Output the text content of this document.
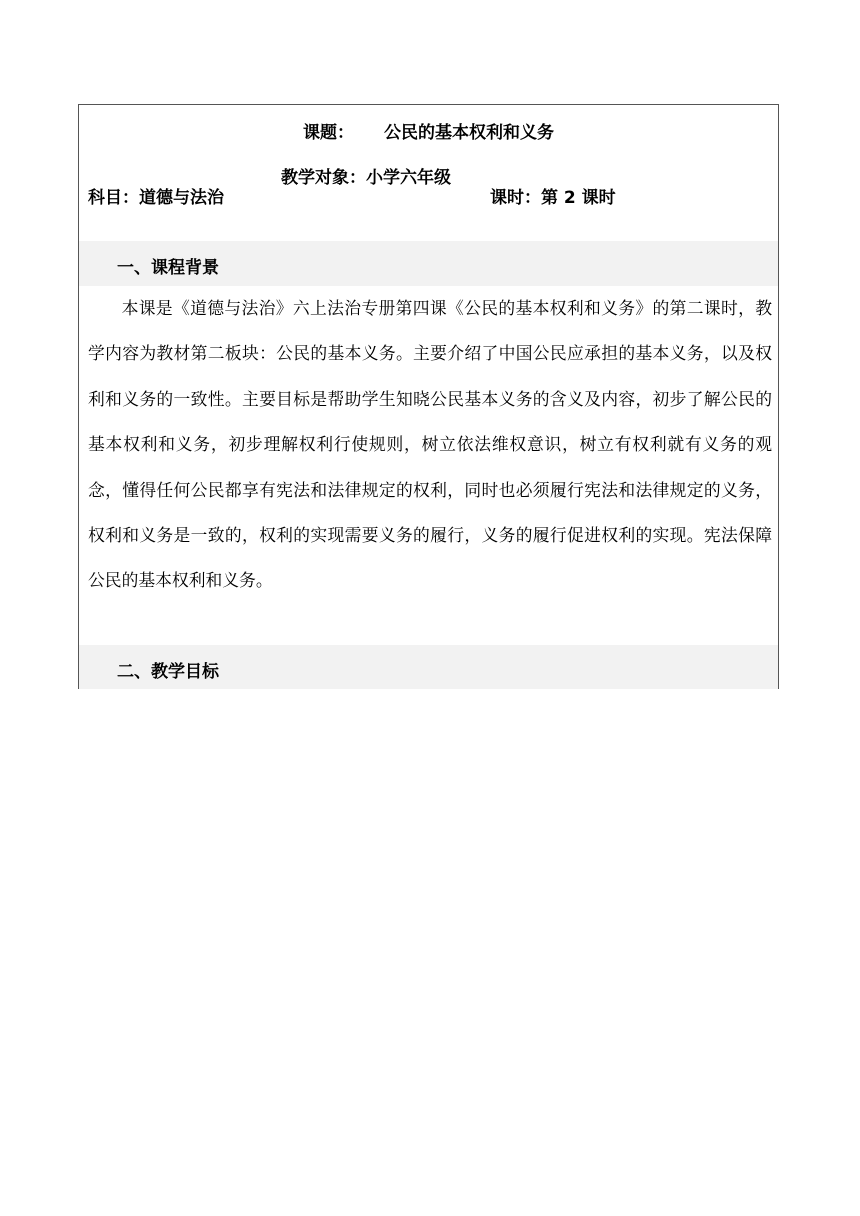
课题： 公民的基本权利和义务
科目：道德与法治
教学对象：小学六年级
课时：第 2 课时
一、课程背景
本课是《道德与法治》六上法治专册第四课《公民的基本权利和义务》的第二课时，教学内容为教材第二板块：公民的基本义务。主要介绍了中国公民应承担的基本义务，以及权利和义务的一致性。主要目标是帮助学生知晓公民基本义务的含义及内容，初步了解公民的基本权利和义务，初步理解权利行使规则，树立依法维权意识，树立有权利就有义务的观念，懂得任何公民都享有宪法和法律规定的权利，同时也必须履行宪法和法律规定的义务，权利和义务是一致的，权利的实现需要义务的履行，义务的履行促进权利的实现。宪法保障公民的基本权利和义务。
二、教学目标
